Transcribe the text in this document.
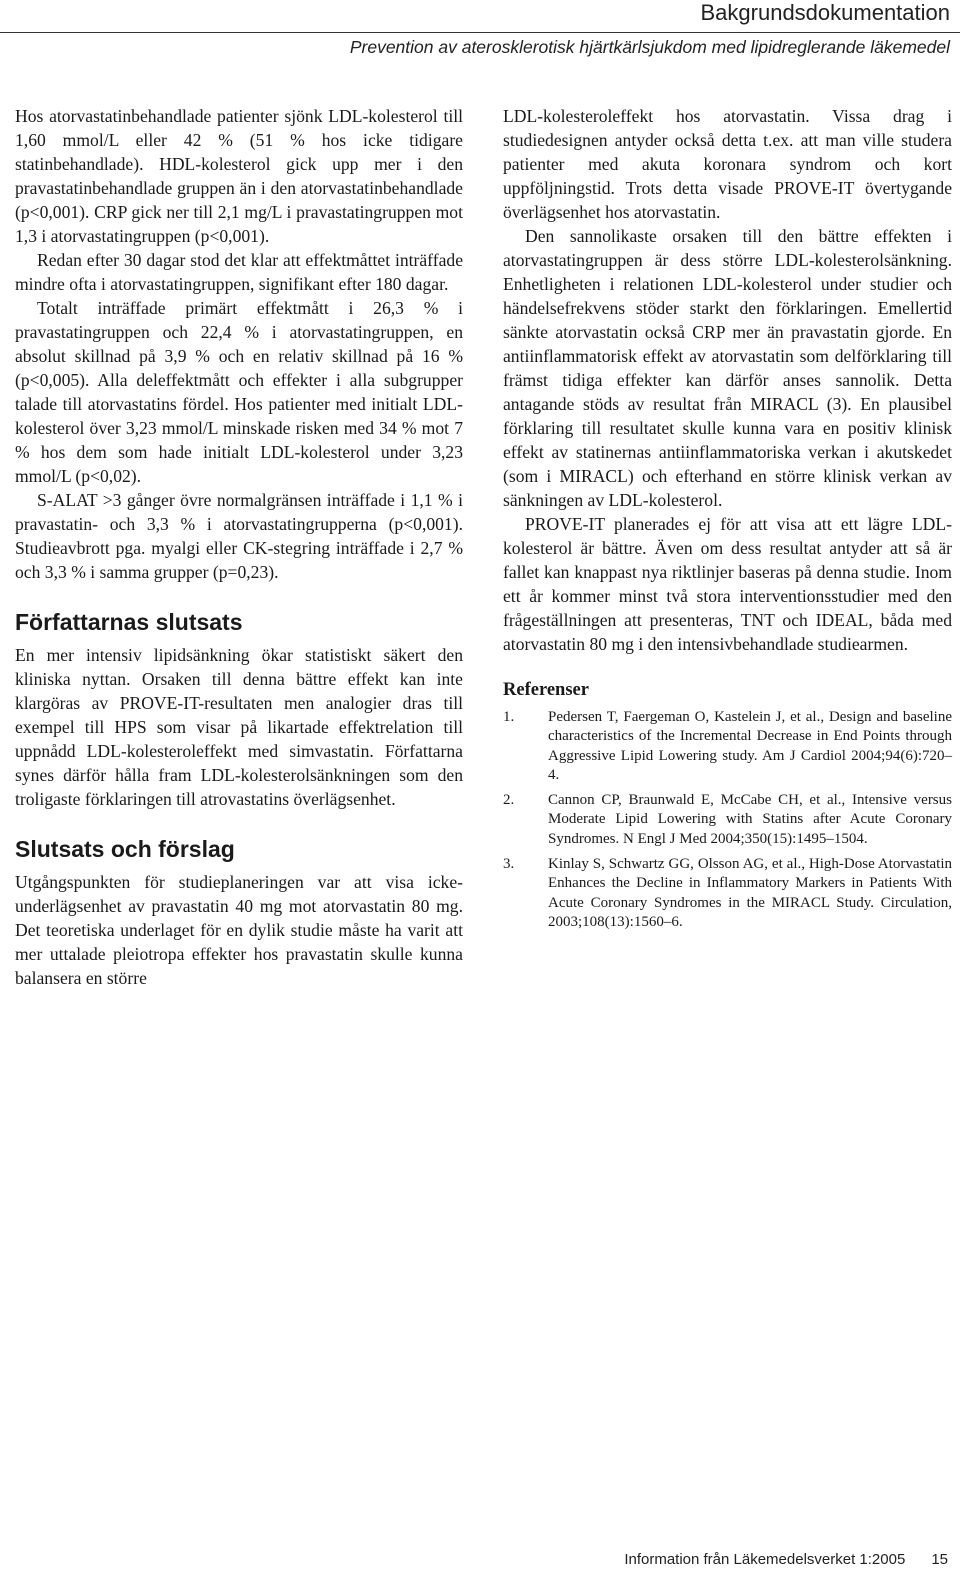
Bakgrundsdokumentation
Prevention av aterosklerotisk hjärtkärlsjukdom med lipidreglerande läkemedel

Hos atorvastatinbehandlade patienter sjönk LDL-kolesterol till 1,60 mmol/L eller 42 % (51 % hos icke tidigare statinbehandlade). HDL-kolesterol gick upp mer i den pravastatinbehandlade gruppen än i den atorvastatinbehandlade (p<0,001). CRP gick ner till 2,1 mg/L i pravastatingruppen mot 1,3 i atorvastatingruppen (p<0,001).

Redan efter 30 dagar stod det klar att effektmåttet inträffade mindre ofta i atorvastatingruppen, signifikant efter 180 dagar.

Totalt inträffade primärt effektmått i 26,3 % i pravastatingruppen och 22,4 % i atorvastatingruppen, en absolut skillnad på 3,9 % och en relativ skillnad på 16 % (p<0,005). Alla deleffektmått och effekter i alla subgrupper talade till atorvastatins fördel. Hos patienter med initialt LDL-kolesterol över 3,23 mmol/L minskade risken med 34 % mot 7 % hos dem som hade initialt LDL-kolesterol under 3,23 mmol/L (p<0,02).

S-ALAT >3 gånger övre normalgränsen inträffade i 1,1 % i pravastatin- och 3,3 % i atorvastatingrupperna (p<0,001). Studieavbrott pga. myalgi eller CK-stegring inträffade i 2,7 % och 3,3 % i samma grupper (p=0,23).

Författarnas slutsats

En mer intensiv lipidsänkning ökar statistiskt säkert den kliniska nyttan. Orsaken till denna bättre effekt kan inte klargöras av PROVE-IT-resultaten men analogier dras till exempel till HPS som visar på likartade effektrelation till uppnådd LDL-kolesteroleffekt med simvastatin. Författarna synes därför hålla fram LDL-kolesterolsänkningen som den troligaste förklaringen till atrovastatins överlägsenhet.

Slutsats och förslag

Utgångspunkten för studieplaneringen var att visa icke-underlägsenhet av pravastatin 40 mg mot atorvastatin 80 mg. Det teoretiska underlaget för en dylik studie måste ha varit att mer uttalade pleiotropa effekter hos pravastatin skulle kunna balansera en större

LDL-kolesteroleffekt hos atorvastatin. Vissa drag i studiedesignen antyder också detta t.ex. att man ville studera patienter med akuta koronara syndrom och kort uppföljningstid. Trots detta visade PROVE-IT övertygande överlägsenhet hos atorvastatin.

Den sannolikaste orsaken till den bättre effekten i atorvastatingruppen är dess större LDL-kolesterolsänkning. Enhetligheten i relationen LDL-kolesterol under studier och händelsefrekvens stöder starkt den förklaringen. Emellertid sänkte atorvastatin också CRP mer än pravastatin gjorde. En antiinflammatorisk effekt av atorvastatin som delförklaring till främst tidiga effekter kan därför anses sannolik. Detta antagande stöds av resultat från MIRACL (3). En plausibel förklaring till resultatet skulle kunna vara en positiv klinisk effekt av statinernas antiinflammatoriska verkan i akutskedet (som i MIRACL) och efterhand en större klinisk verkan av sänkningen av LDL-kolesterol.

PROVE-IT planerades ej för att visa att ett lägre LDL-kolesterol är bättre. Även om dess resultat antyder att så är fallet kan knappast nya riktlinjer baseras på denna studie. Inom ett år kommer minst två stora interventionsstudier med den frågeställningen att presenteras, TNT och IDEAL, båda med atorvastatin 80 mg i den intensivbehandlade studiearmen.

Referenser
1.	Pedersen T, Faergeman O, Kastelein J, et al., Design and baseline characteristics of the Incremental Decrease in End Points through Aggressive Lipid Lowering study. Am J Cardiol 2004;94(6):720–4.
2.	Cannon CP, Braunwald E, McCabe CH, et al., Intensive versus Moderate Lipid Lowering with Statins after Acute Coronary Syndromes. N Engl J Med 2004;350(15):1495–1504.
3.	Kinlay S, Schwartz GG, Olsson AG, et al., High-Dose Atorvastatin Enhances the Decline in Inflammatory Markers in Patients With Acute Coronary Syndromes in the MIRACL Study. Circulation, 2003;108(13):1560–6.
Information från Läkemedelsverket 1:2005 15
